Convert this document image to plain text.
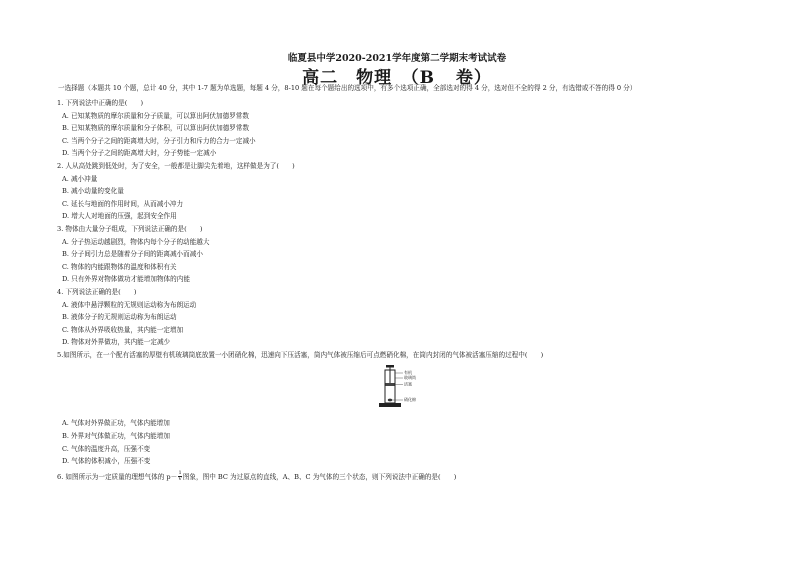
临夏县中学2020-2021学年度第二学期末考试试卷
高二　物理　（B 卷）
一选择题（本题共 10 个题，总计 40 分，其中 1-7 题为单选题，每题 4 分，8-10 题在每个题给出的选项中，有多个选项正确，全部选对的得 4 分，选对但不全的得 2 分，有选错或不答的得 0 分）
1. 下列说法中正确的是(　　)
A. 已知某物质的摩尔质量和分子质量，可以算出阿伏加德罗常数
B. 已知某物质的摩尔质量和分子体积，可以算出阿伏加德罗常数
C. 当两个分子之间的距离增大时，分子引力和斥力的合力一定减小
D. 当两个分子之间的距离增大时，分子势能一定减小
2. 人从高处跳到低处时，为了安全，一般都是让脚尖先着地，这样做是为了(　　)
A. 减小冲量
B. 减小动量的变化量
C. 延长与地面的作用时间，从而减小冲力
D. 增大人对地面的压强，起到安全作用
3. 物体由大量分子组成，下列说法正确的是(　　)
A. 分子热运动越剧烈，物体内每个分子的动能越大
B. 分子间引力总是随着分子间的距离减小而减小
C. 物体的内能跟物体的温度和体积有关
D. 只有外界对物体做功才能增加物体的内能
4. 下列说法正确的是(　　)
A. 液体中悬浮颗粒的无规则运动称为布朗运动
B. 液体分子的无规则运动称为布朗运动
C. 物体从外界吸收热量，其内能一定增加
D. 物体对外界做功，其内能一定减少
5.如图所示，在一个配有活塞的厚壁有机玻璃筒底放置一小团硝化棉，迅速向下压活塞，筒内气体被压缩后可点燃硝化棉，在筒内封闭的气体被活塞压缩的过程中(　　)
A. 气体对外界做正功，气体内能增加
B. 外界对气体做正功，气体内能增加
C. 气体的温度升高，压强不变
D. 气体的体积减小，压强不变
6. 如图所示为一定质量的理想气体的 $p- \frac{1}{V}$ 图象，图中 BC 为过原点的直线，A、B、C 为气体的三个状态，则下列说法中正确的是(　　)
有机
玻璃筒
活塞
硝化棉
